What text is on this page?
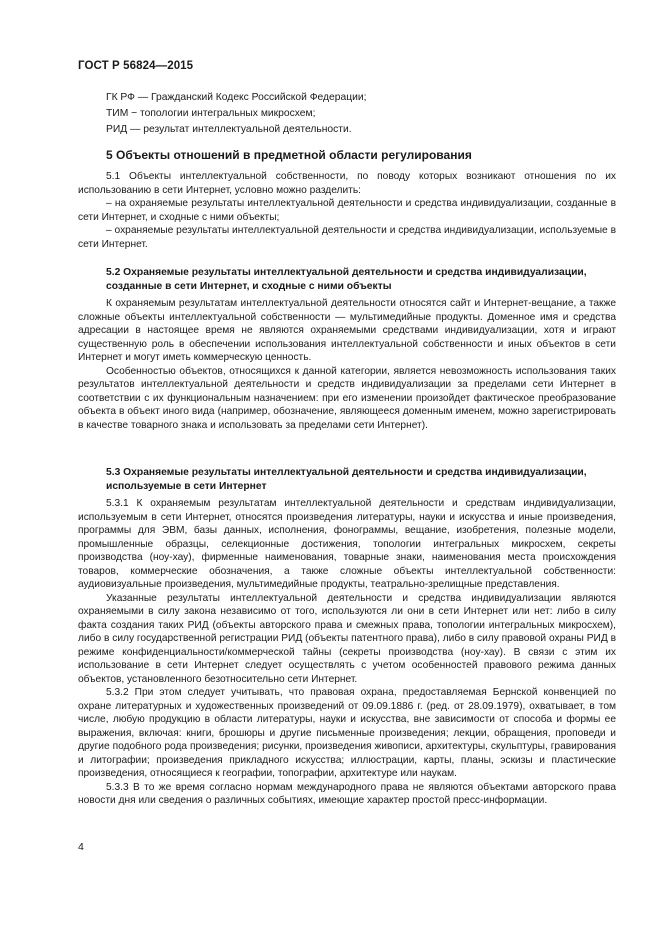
ГОСТ Р 56824—2015
ГК РФ — Гражданский Кодекс Российской Федерации;
ТИМ − топологии интегральных микросхем;
РИД — результат интеллектуальной деятельности.
5 Объекты отношений в предметной области регулирования
5.1 Объекты интеллектуальной собственности, по поводу которых возникают отношения по их использованию в сети Интернет, условно можно разделить:
– на охраняемые результаты интеллектуальной деятельности и средства индивидуализации, созданные в сети Интернет, и сходные с ними объекты;
– охраняемые результаты интеллектуальной деятельности и средства индивидуализации, используемые в сети Интернет.
5.2 Охраняемые результаты интеллектуальной деятельности и средства индивидуализации, созданные в сети Интернет, и сходные с ними объекты
К охраняемым результатам интеллектуальной деятельности относятся сайт и Интернет-вещание, а также сложные объекты интеллектуальной собственности — мультимедийные продукты. Доменное имя и средства адресации в настоящее время не являются охраняемыми средствами индивидуализации, хотя и играют существенную роль в обеспечении использования интеллектуальной собственности и иных объектов в сети Интернет и могут иметь коммерческую ценность.
Особенностью объектов, относящихся к данной категории, является невозможность использования таких результатов интеллектуальной деятельности и средств индивидуализации за пределами сети Интернет в соответствии с их функциональным назначением: при его изменении произойдет фактическое преобразование объекта в объект иного вида (например, обозначение, являющееся доменным именем, можно зарегистрировать в качестве товарного знака и использовать за пределами сети Интернет).
5.3 Охраняемые результаты интеллектуальной деятельности и средства индивидуализации, используемые в сети Интернет
5.3.1 К охраняемым результатам интеллектуальной деятельности и средствам индивидуализации, используемым в сети Интернет, относятся произведения литературы, науки и искусства и иные произведения, программы для ЭВМ, базы данных, исполнения, фонограммы, вещание, изобретения, полезные модели, промышленные образцы, селекционные достижения, топологии интегральных микросхем, секреты производства (ноу-хау), фирменные наименования, товарные знаки, наименования места происхождения товаров, коммерческие обозначения, а также сложные объекты интеллектуальной собственности: аудиовизуальные произведения, мультимедийные продукты, театрально-зрелищные представления.
Указанные результаты интеллектуальной деятельности и средства индивидуализации являются охраняемыми в силу закона независимо от того, используются ли они в сети Интернет или нет: либо в силу факта создания таких РИД (объекты авторского права и смежных права, топологии интегральных микросхем), либо в силу государственной регистрации РИД (объекты патентного права), либо в силу правовой охраны РИД в режиме конфиденциальности/коммерческой тайны (секреты производства (ноу-хау). В связи с этим их использование в сети Интернет следует осуществлять с учетом особенностей правового режима данных объектов, установленного безотносительно сети Интернет.
5.3.2 При этом следует учитывать, что правовая охрана, предоставляемая Бернской конвенцией по охране литературных и художественных произведений от 09.09.1886 г. (ред. от 28.09.1979), охватывает, в том числе, любую продукцию в области литературы, науки и искусства, вне зависимости от способа и формы ее выражения, включая: книги, брошюры и другие письменные произведения; лекции, обращения, проповеди и другие подобного рода произведения; рисунки, произведения живописи, архитектуры, скульптуры, гравирования и литографии; произведения прикладного искусства; иллюстрации, карты, планы, эскизы и пластические произведения, относящиеся к географии, топографии, архитектуре или наукам.
5.3.3 В то же время согласно нормам международного права не являются объектами авторского права новости дня или сведения о различных событиях, имеющие характер простой пресс-информации.
4
